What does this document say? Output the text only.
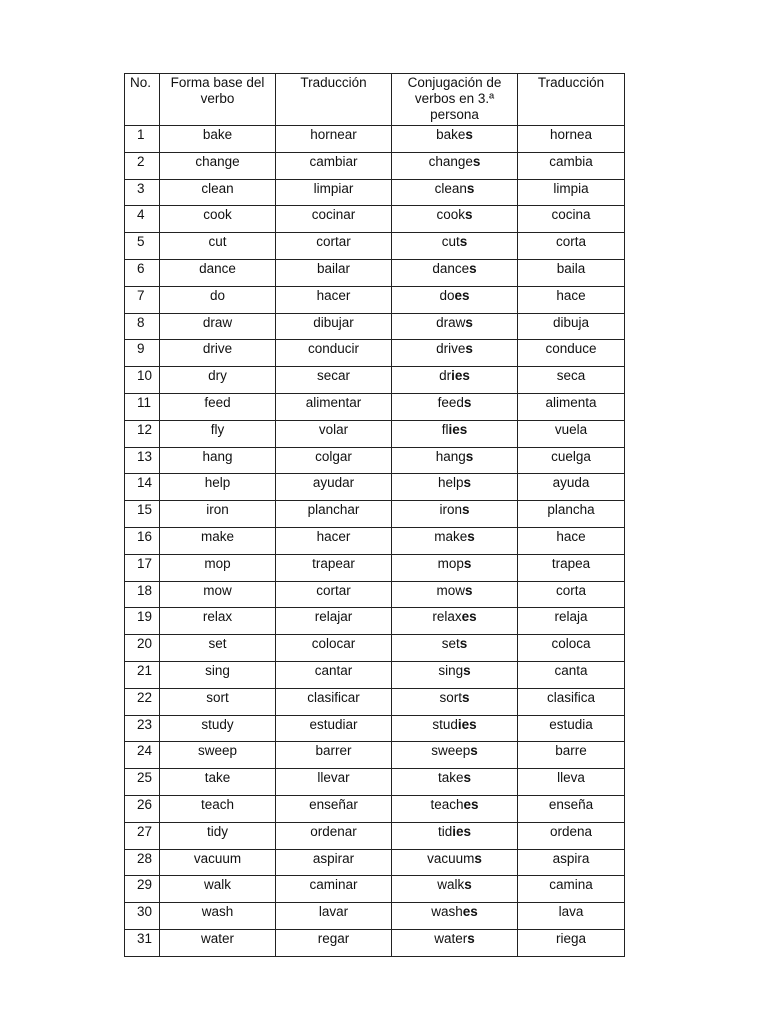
No.	Forma base del verbo	Traducción	Conjugación de verbos en 3.ª persona	Traducción
1	bake	hornear	bakes	hornea
2	change	cambiar	changes	cambia
3	clean	limpiar	cleans	limpia
4	cook	cocinar	cooks	cocina
5	cut	cortar	cuts	corta
6	dance	bailar	dances	baila
7	do	hacer	does	hace
8	draw	dibujar	draws	dibuja
9	drive	conducir	drives	conduce
10	dry	secar	dries	seca
11	feed	alimentar	feeds	alimenta
12	fly	volar	flies	vuela
13	hang	colgar	hangs	cuelga
14	help	ayudar	helps	ayuda
15	iron	planchar	irons	plancha
16	make	hacer	makes	hace
17	mop	trapear	mops	trapea
18	mow	cortar	mows	corta
19	relax	relajar	relaxes	relaja
20	set	colocar	sets	coloca
21	sing	cantar	sings	canta
22	sort	clasificar	sorts	clasifica
23	study	estudiar	studies	estudia
24	sweep	barrer	sweeps	barre
25	take	llevar	takes	lleva
26	teach	enseñar	teaches	enseña
27	tidy	ordenar	tidies	ordena
28	vacuum	aspirar	vacuums	aspira
29	walk	caminar	walks	camina
30	wash	lavar	washes	lava
31	water	regar	waters	riega
